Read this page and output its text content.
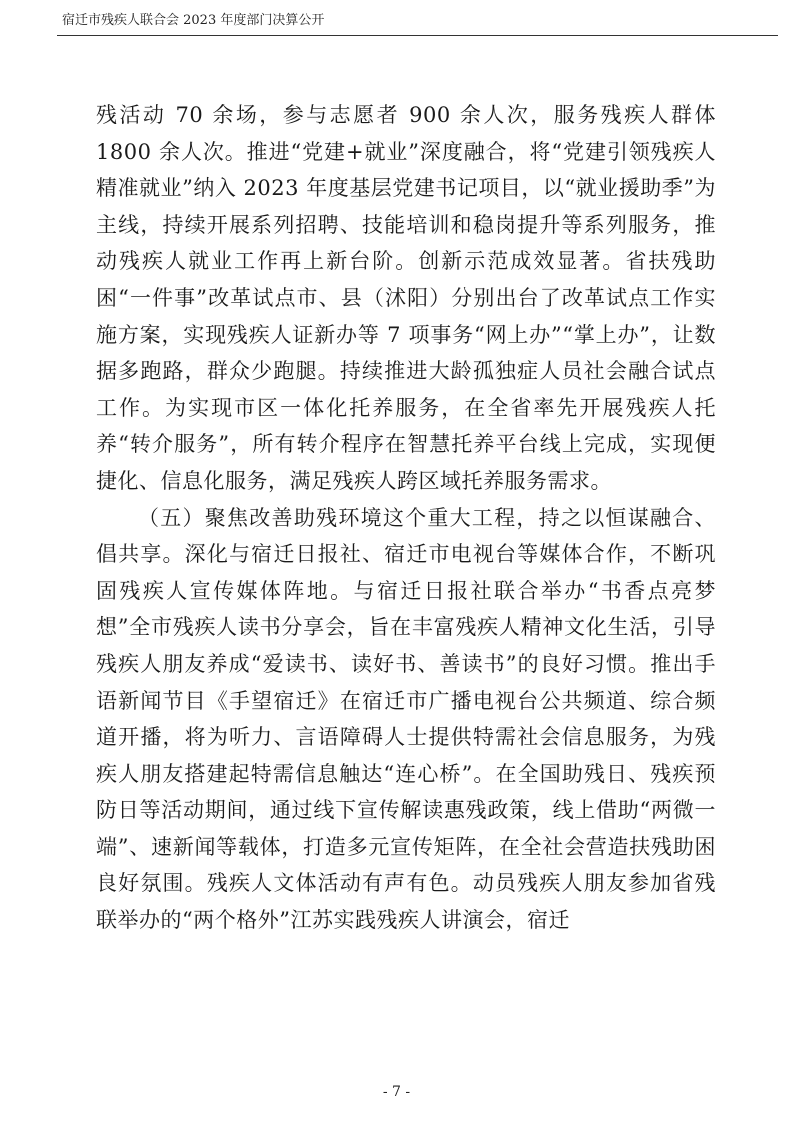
宿迁市残疾人联合会 2023 年度部门决算公开

残活动 70 余场，参与志愿者 900 余人次，服务残疾人群体 1800 余人次。推进“党建+就业”深度融合，将“党建引领残疾人精准就业”纳入 2023 年度基层党建书记项目，以“就业援助季”为主线，持续开展系列招聘、技能培训和稳岗提升等系列服务，推动残疾人就业工作再上新台阶。创新示范成效显著。省扶残助困“一件事”改革试点市、县（沭阳）分别出台了改革试点工作实施方案，实现残疾人证新办等 7 项事务“网上办”“掌上办”，让数据多跑路，群众少跑腿。持续推进大龄孤独症人员社会融合试点工作。为实现市区一体化托养服务，在全省率先开展残疾人托养“转介服务”，所有转介程序在智慧托养平台线上完成，实现便捷化、信息化服务，满足残疾人跨区域托养服务需求。

（五）聚焦改善助残环境这个重大工程，持之以恒谋融合、倡共享。深化与宿迁日报社、宿迁市电视台等媒体合作，不断巩固残疾人宣传媒体阵地。与宿迁日报社联合举办“书香点亮梦想”全市残疾人读书分享会，旨在丰富残疾人精神文化生活，引导残疾人朋友养成“爱读书、读好书、善读书”的良好习惯。推出手语新闻节目《手望宿迁》在宿迁市广播电视台公共频道、综合频道开播，将为听力、言语障碍人士提供特需社会信息服务，为残疾人朋友搭建起特需信息触达“连心桥”。在全国助残日、残疾预防日等活动期间，通过线下宣传解读惠残政策，线上借助“两微一端”、速新闻等载体，打造多元宣传矩阵，在全社会营造扶残助困良好氛围。残疾人文体活动有声有色。动员残疾人朋友参加省残联举办的“两个格外”江苏实践残疾人讲演会，宿迁

- 7 -
